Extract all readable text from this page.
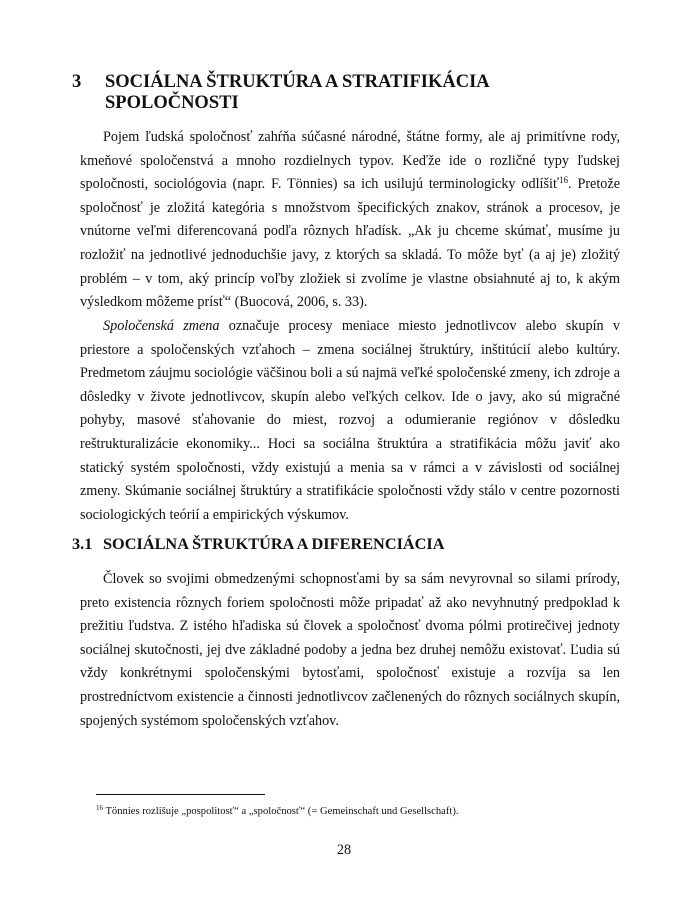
3 SOCIÁLNA ŠTRUKTÚRA A STRATIFIKÁCIA
SPOLOČNOSTI

Pojem ľudská spoločnosť zahŕňa súčasné národné, štátne formy, ale aj primitívne rody, kmeňové spoločenstvá a mnoho rozdielnych typov. Keďže ide o rozličné typy ľudskej spoločnosti, sociológovia (napr. F. Tönnies) sa ich usilujú terminologicky odlíšiť$^{16}$. Pretože spoločnosť je zložitá kategória s množstvom špecifických znakov, stránok a procesov, je vnútorne veľmi diferencovaná podľa rôznych hľadísk. „Ak ju chceme skúmať, musíme ju rozložiť na jednotlivé jednoduchšie javy, z ktorých sa skladá. To môže byť (a aj je) zložitý problém – v tom, aký princíp voľby zložiek si zvolíme je vlastne obsiahnuté aj to, k akým výsledkom môžeme prísť“ (Buocová, 2006, s. 33).

Spoločenská zmena označuje procesy meniace miesto jednotlivcov alebo skupín v priestore a spoločenských vzťahoch – zmena sociálnej štruktúry, inštitúcií alebo kultúry. Predmetom záujmu sociológie väčšinou boli a sú najmä veľké spoločenské zmeny, ich zdroje a dôsledky v živote jednotlivcov, skupín alebo veľkých celkov. Ide o javy, ako sú migračné pohyby, masové sťahovanie do miest, rozvoj a odumieranie regiónov v dôsledku reštrukturalizácie ekonomiky... Hoci sa sociálna štruktúra a stratifikácia môžu javiť ako statický systém spoločnosti, vždy existujú a menia sa v rámci a v závislosti od sociálnej zmeny. Skúmanie sociálnej štruktúry a stratifikácie spoločnosti vždy stálo v centre pozornosti sociologických teórií a empirických výskumov.

3.1 SOCIÁLNA ŠTRUKTÚRA A DIFERENCIÁCIA

Človek so svojimi obmedzenými schopnosťami by sa sám nevyrovnal so silami prírody, preto existencia rôznych foriem spoločnosti môže pripadať až ako nevyhnutný predpoklad k prežitiu ľudstva. Z istého hľadiska sú človek a spoločnosť dvoma pólmi protirečivej jednoty sociálnej skutočnosti, jej dve základné podoby a jedna bez druhej nemôžu existovať. Ľudia sú vždy konkrétnymi spoločenskými bytosťami, spoločnosť existuje a rozvíja sa len prostredníctvom existencie a činnosti jednotlivcov začlenených do rôznych sociálnych skupín, spojených systémom spoločenských vzťahov.

$^{16}$ Tönnies rozlišuje „pospolitosť“ a „spoločnosť“ (= Gemeinschaft und Gesellschaft).
28
